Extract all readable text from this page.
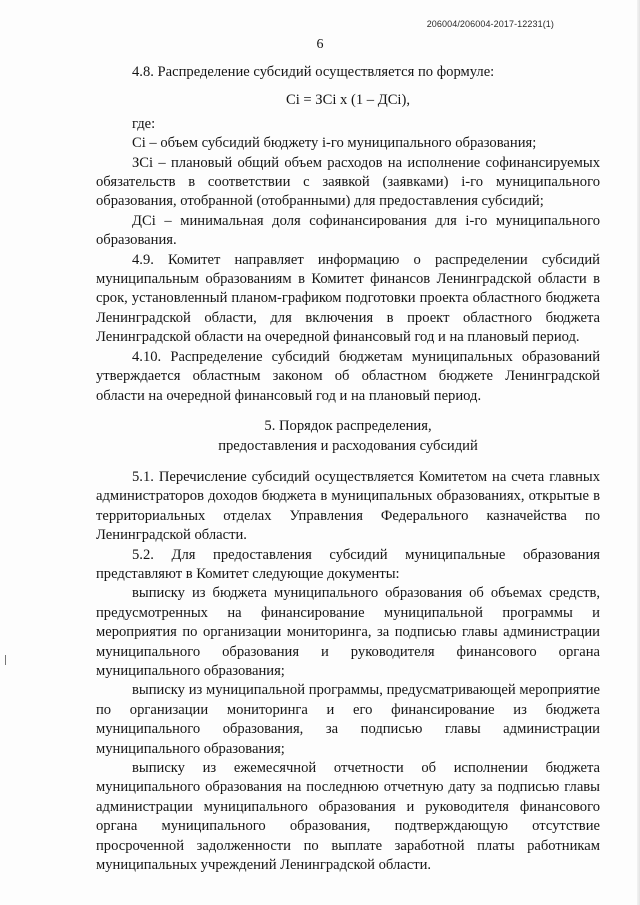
206004/206004-2017-12231(1)
6

4.8. Распределение субсидий осуществляется по формуле:

Сi = ЗСi х (1 – ДСi),

где:

Сi – объем субсидий бюджету i-го муниципального образования;

ЗСi – плановый общий объем расходов на исполнение софинансируемых обязательств в соответствии с заявкой (заявками) i-го муниципального образования, отобранной (отобранными) для предоставления субсидий;

ДСi – минимальная доля софинансирования для i-го муниципального образования.

4.9. Комитет направляет информацию о распределении субсидий муниципальным образованиям в Комитет финансов Ленинградской области в срок, установленный планом-графиком подготовки проекта областного бюджета Ленинградской области, для включения в проект областного бюджета Ленинградской области на очередной финансовый год и на плановый период.

4.10. Распределение субсидий бюджетам муниципальных образований утверждается областным законом об областном бюджете Ленинградской области на очередной финансовый год и на плановый период.

5. Порядок распределения,
предоставления и расходования субсидий

5.1. Перечисление субсидий осуществляется Комитетом на счета главных администраторов доходов бюджета в муниципальных образованиях, открытые в территориальных отделах Управления Федерального казначейства по Ленинградской области.

5.2. Для предоставления субсидий муниципальные образования представляют в Комитет следующие документы:

выписку из бюджета муниципального образования об объемах средств, предусмотренных на финансирование муниципальной программы и мероприятия по организации мониторинга, за подписью главы администрации муниципального образования и руководителя финансового органа муниципального образования;

выписку из муниципальной программы, предусматривающей мероприятие по организации мониторинга и его финансирование из бюджета муниципального образования, за подписью главы администрации муниципального образования;

выписку из ежемесячной отчетности об исполнении бюджета муниципального образования на последнюю отчетную дату за подписью главы администрации муниципального образования и руководителя финансового органа муниципального образования, подтверждающую отсутствие просроченной задолженности по выплате заработной платы работникам муниципальных учреждений Ленинградской области.
